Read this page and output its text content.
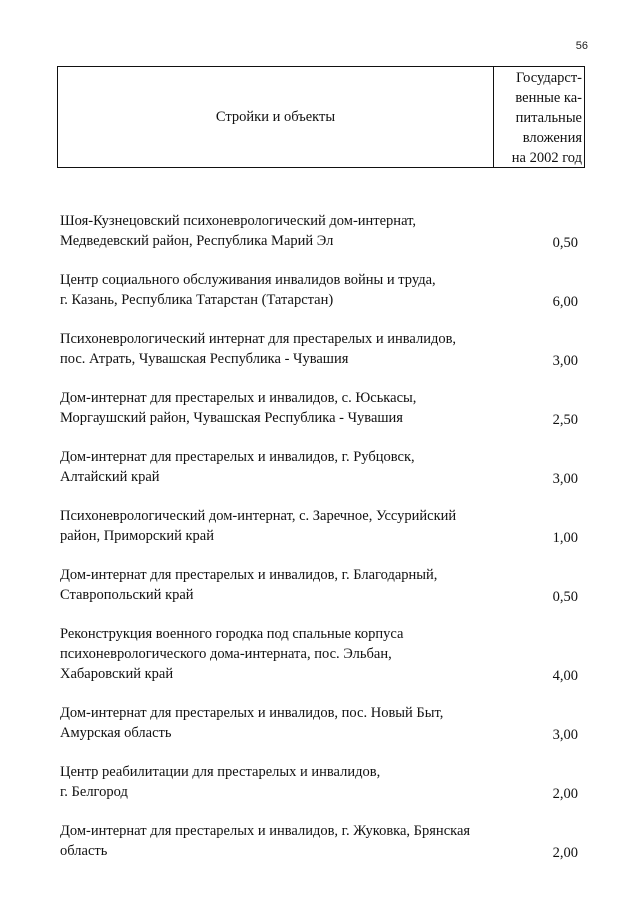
56
Стройки и объекты
Государст-
венные ка-
питальные
вложения
на 2002 год
Шоя-Кузнецовский психоневрологический дом-интернат,
Медведевский район, Республика Марий Эл	0,50
Центр социального обслуживания инвалидов войны и труда,
г. Казань, Республика Татарстан (Татарстан)	6,00
Психоневрологический интернат для престарелых и инвалидов,
пос. Атрать, Чувашская Республика - Чувашия	3,00
Дом-интернат для престарелых и инвалидов, с. Юськасы,
Моргаушский район, Чувашская Республика - Чувашия	2,50
Дом-интернат для престарелых и инвалидов, г. Рубцовск,
Алтайский край	3,00
Психоневрологический дом-интернат, с. Заречное, Уссурийский
район, Приморский край	1,00
Дом-интернат для престарелых и инвалидов, г. Благодарный,
Ставропольский край	0,50
Реконструкция военного городка под спальные корпуса
психоневрологического дома-интерната, пос. Эльбан,
Хабаровский край	4,00
Дом-интернат для престарелых и инвалидов, пос. Новый Быт,
Амурская область	3,00
Центр реабилитации для престарелых и инвалидов,
г. Белгород	2,00
Дом-интернат для престарелых и инвалидов, г. Жуковка, Брянская
область	2,00
